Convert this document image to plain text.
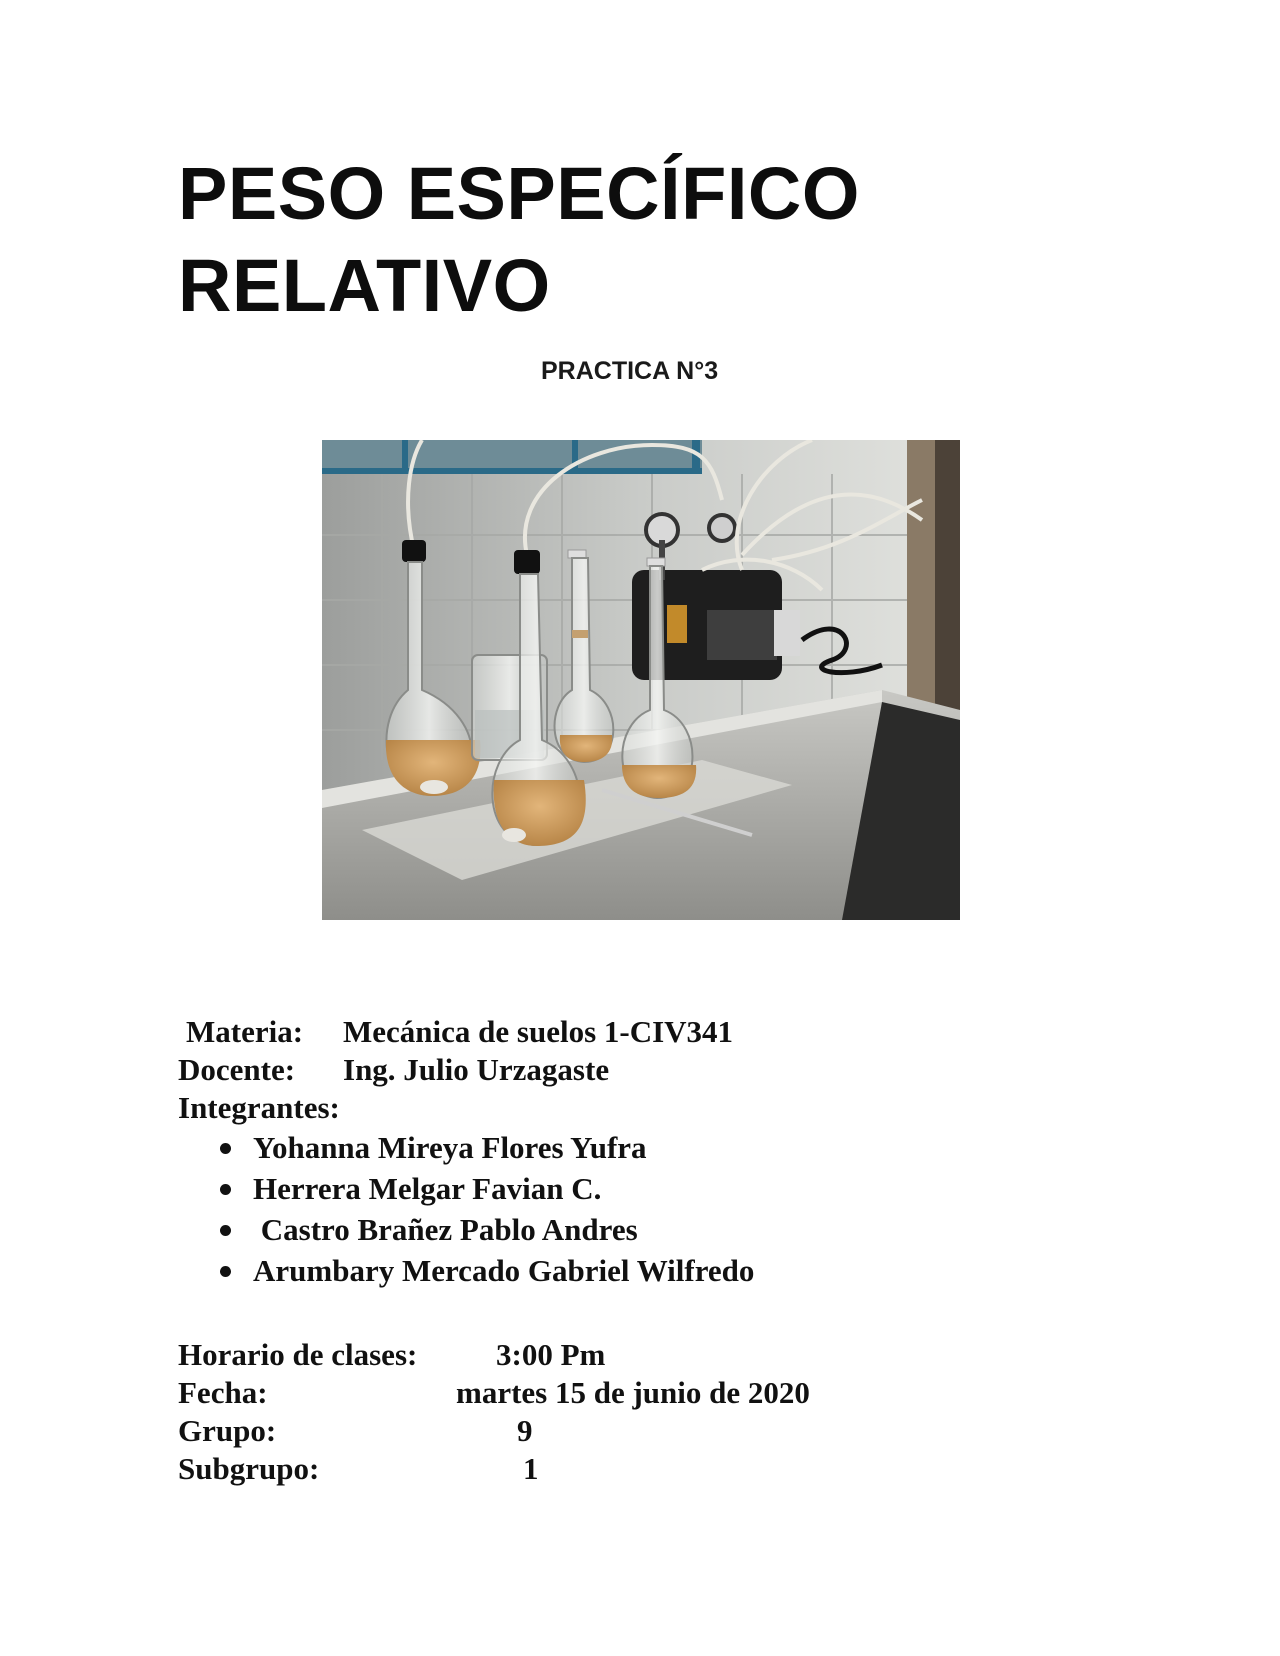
PESO ESPECÍFICO
RELATIVO
PRACTICA N°3
Materia: Mecánica de suelos 1-CIV341
Docente: Ing. Julio Urzagaste
Integrantes:
Yohanna Mireya Flores Yufra
Herrera Melgar Favian C.
Castro Brañez Pablo Andres
Arumbary Mercado Gabriel Wilfredo
Horario de clases:	3:00 Pm
Fecha:	martes 15 de junio de 2020
Grupo:	9
Subgrupo:	1
